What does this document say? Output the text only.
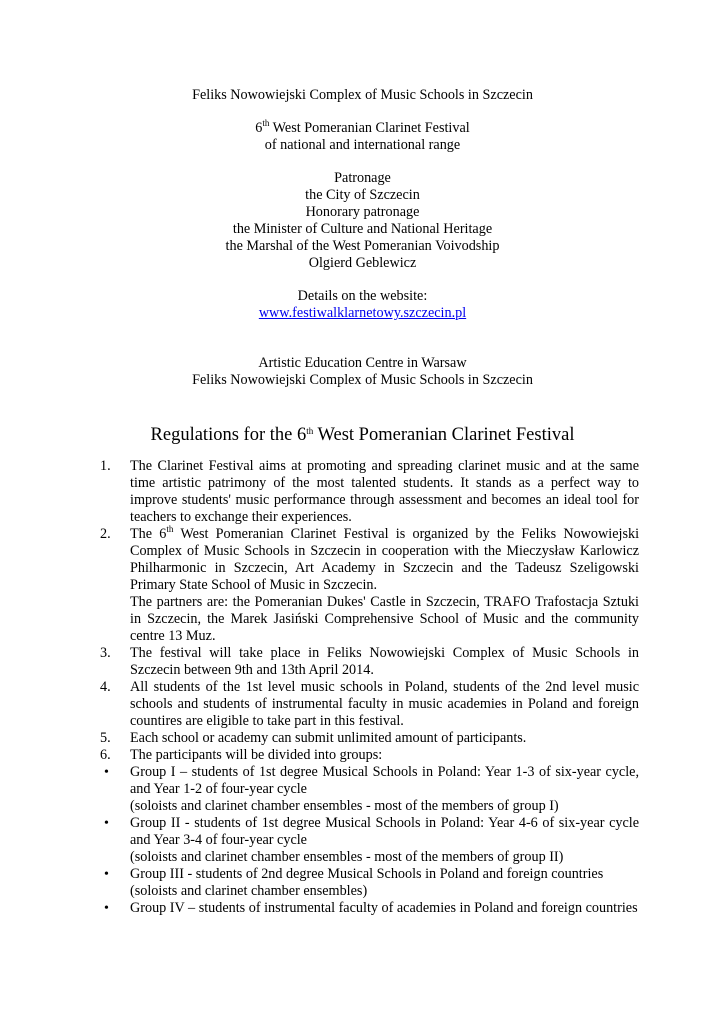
Feliks Nowowiejski Complex of Music Schools in Szczecin
6th West Pomeranian Clarinet Festival
of national and international range
Patronage
the City of Szczecin
Honorary patronage
the Minister of Culture and National Heritage
the Marshal of the West Pomeranian Voivodship
Olgierd Geblewicz
Details on the website:
www.festiwalklarnetowy.szczecin.pl
Artistic Education Centre in Warsaw
Feliks Nowowiejski Complex of Music Schools in Szczecin
Regulations for the 6th West Pomeranian Clarinet Festival
1.	The Clarinet Festival aims at promoting and spreading clarinet music and at the same time artistic patrimony of the most talented students. It stands as a perfect way to improve students' music performance through assessment and becomes an ideal tool for teachers to exchange their experiences.
2.	The 6th West Pomeranian Clarinet Festival is organized by the Feliks Nowowiejski Complex of Music Schools in Szczecin in cooperation with the Mieczysław Karlowicz Philharmonic in Szczecin, Art Academy in Szczecin and the Tadeusz Szeligowski Primary State School of Music in Szczecin.
The partners are: the Pomeranian Dukes' Castle in Szczecin, TRAFO Trafostacja Sztuki in Szczecin, the Marek Jasiński Comprehensive School of Music and the community centre 13 Muz.
3.	The festival will take place in Feliks Nowowiejski Complex of Music Schools in Szczecin between 9th and 13th April 2014.
4.	All students of the 1st level music schools in Poland, students of the 2nd level music schools and students of instrumental faculty in music academies in Poland and foreign countires are eligible to take part in this festival.
5.	Each school or academy can submit unlimited amount of participants.
6.	The participants will be divided into groups:
•	Group I – students of 1st degree Musical Schools in Poland: Year 1-3 of six-year cycle, and Year 1-2 of four-year cycle
(soloists and clarinet chamber ensembles - most of the members of group I)
•	Group II - students of 1st degree Musical Schools in Poland: Year 4-6 of six-year cycle and Year 3-4 of four-year cycle
(soloists and clarinet chamber ensembles - most of the members of group II)
•	Group III - students of 2nd degree Musical Schools in Poland and foreign countries
(soloists and clarinet chamber ensembles)
•	Group IV – students of instrumental faculty of academies in Poland and foreign countries
